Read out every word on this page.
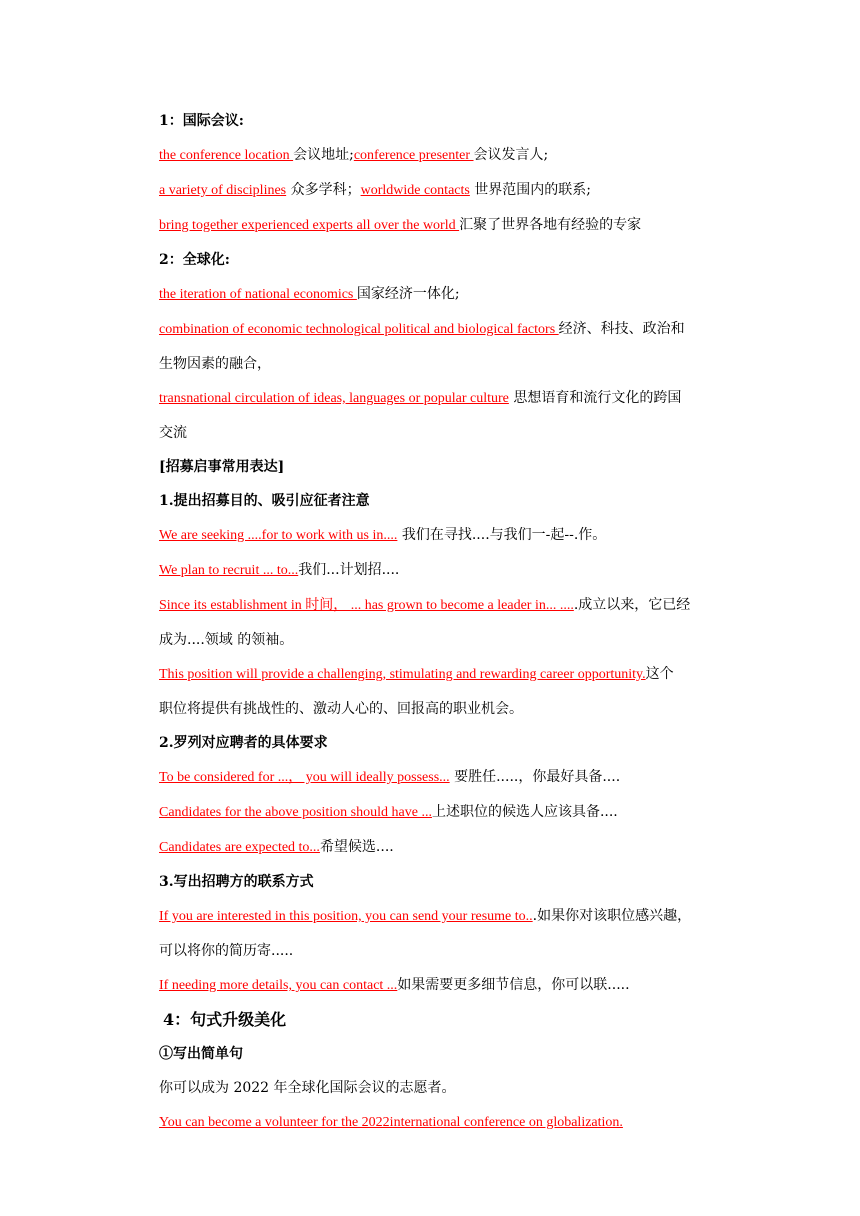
1：国际会议:
the conference location 会议地址;conference presenter 会议发言人;
a variety of disciplines 众多学科；worldwide contacts 世界范围内的联系;
bring together experienced experts all over the world 汇聚了世界各地有经验的专家
2：全球化:
the iteration of national economics 国家经济一体化;
combination of economic technological political and biological factors 经济、科技、政治和
生物因素的融合，
transnational circulation of ideas, languages or popular culture 思想语育和流行文化的跨国
交流
[招募启事常用表达]
1.提出招募目的、吸引应征者注意
We are seeking ....for to work with us in.... 我们在寻找....与我们一-起--.作。
We plan to recruit ... to...我们...计划招....
Since its establishment in 时间， ... has grown to become a leader in... .....成立以来，它已经
成为....领域 的领袖。
This position will provide a challenging, stimulating and rewarding career opportunity.这个
职位将提供有挑战性的、激动人心的、回报高的职业机会。
2.罗列对应聘者的具体要求
To be considered for ...， you will ideally possess... 要胜任.....，你最好具备....
Candidates for the above position should have ...上述职位的候选人应该具备....
Candidates are expected to...希望候选....
3.写出招聘方的联系方式
If you are interested in this position, you can send your resume to...如果你对该职位感兴趣，
可以将你的简历寄.....
If needing more details, you can contact ...如果需要更多细节信息，你可以联.....
4：句式升级美化
①写出简单句
你可以成为 2022 年全球化国际会议的志愿者。
You can become a volunteer for the 2022international conference on globalization.
